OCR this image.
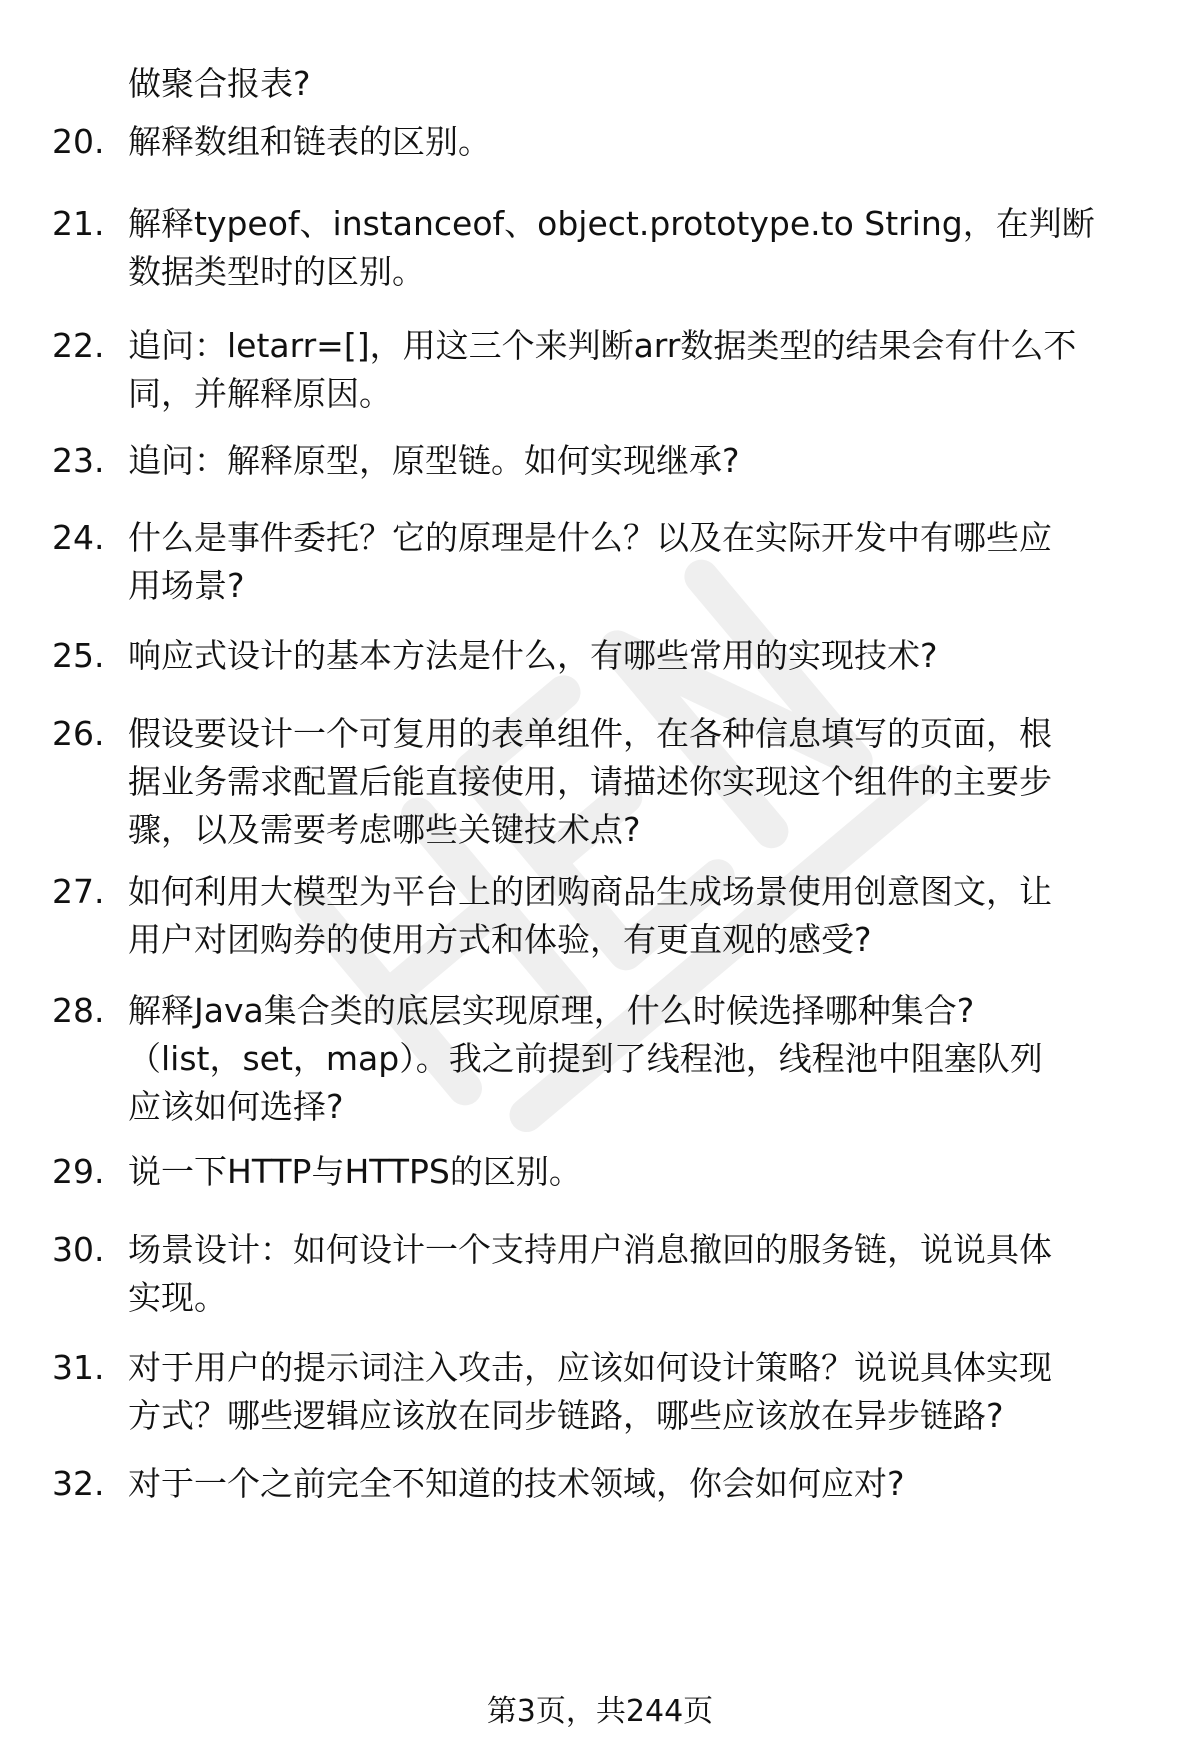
做聚合报表?
20. 解释数组和链表的区别。
21. 解释typeof、instanceof、object.prototype.to String，在判断
数据类型时的区别。
22. 追问：letarr=[]，用这三个来判断arr数据类型的结果会有什么不
同，并解释原因。
23. 追问：解释原型，原型链。如何实现继承?
24. 什么是事件委托？它的原理是什么？以及在实际开发中有哪些应
用场景?
25. 响应式设计的基本方法是什么，有哪些常用的实现技术?
26. 假设要设计一个可复用的表单组件，在各种信息填写的页面，根
据业务需求配置后能直接使用，请描述你实现这个组件的主要步
骤，以及需要考虑哪些关键技术点?
27. 如何利用大模型为平台上的团购商品生成场景使用创意图文，让
用户对团购券的使用方式和体验，有更直观的感受?
28. 解释Java集合类的底层实现原理，什么时候选择哪种集合?
（list，set，map）。我之前提到了线程池，线程池中阻塞队列
应该如何选择?
29. 说一下HTTP与HTTPS的区别。
30. 场景设计：如何设计一个支持用户消息撤回的服务链，说说具体
实现。
31. 对于用户的提示词注入攻击，应该如何设计策略？说说具体实现
方式？哪些逻辑应该放在同步链路，哪些应该放在异步链路?
32. 对于一个之前完全不知道的技术领域，你会如何应对?
第3页，共244页
